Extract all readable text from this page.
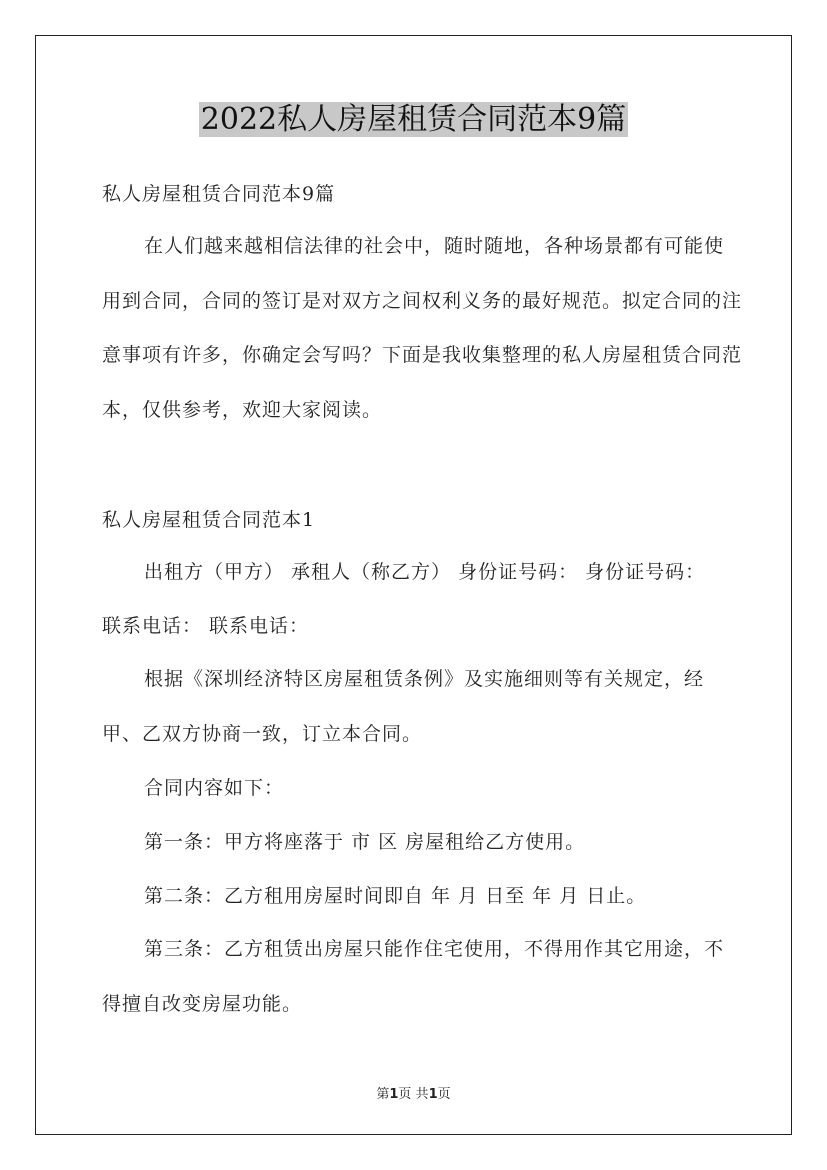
2022私人房屋租赁合同范本9篇
私人房屋租赁合同范本9篇
在人们越来越相信法律的社会中，随时随地，各种场景都有可能使用到合同，合同的签订是对双方之间权利义务的最好规范。拟定合同的注意事项有许多，你确定会写吗？下面是我收集整理的私人房屋租赁合同范本，仅供参考，欢迎大家阅读。
私人房屋租赁合同范本1
出租方（甲方） 承租人（称乙方） 身份证号码： 身份证号码：
联系电话： 联系电话：
根据《深圳经济特区房屋租赁条例》及实施细则等有关规定，经甲、乙双方协商一致，订立本合同。
合同内容如下：
第一条：甲方将座落于 市 区 房屋租给乙方使用。
第二条：乙方租用房屋时间即自 年 月 日至 年 月 日止。
第三条：乙方租赁出房屋只能作住宅使用，不得用作其它用途，不得擅自改变房屋功能。
第1页 共1页
